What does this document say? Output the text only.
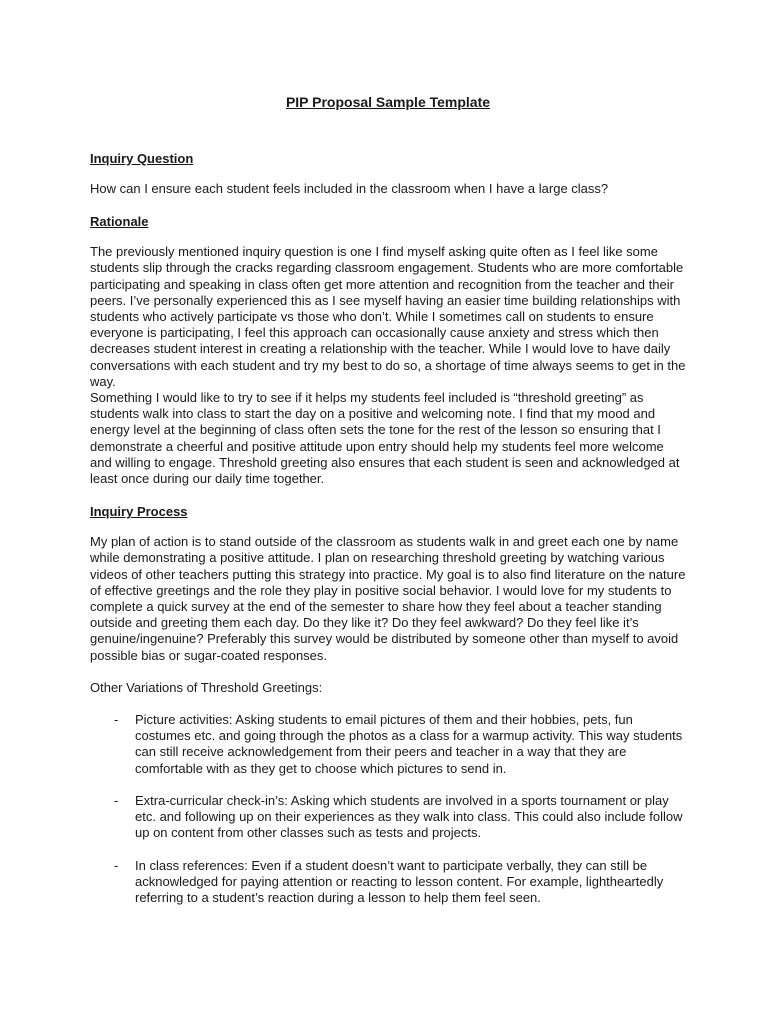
PIP Proposal Sample Template
Inquiry Question

How can I ensure each student feels included in the classroom when I have a large class?

Rationale

The previously mentioned inquiry question is one I find myself asking quite often as I feel like some students slip through the cracks regarding classroom engagement. Students who are more comfortable participating and speaking in class often get more attention and recognition from the teacher and their peers. I’ve personally experienced this as I see myself having an easier time building relationships with students who actively participate vs those who don’t. While I sometimes call on students to ensure everyone is participating, I feel this approach can occasionally cause anxiety and stress which then decreases student interest in creating a relationship with the teacher. While I would love to have daily conversations with each student and try my best to do so, a shortage of time always seems to get in the way.

Something I would like to try to see if it helps my students feel included is “threshold greeting” as students walk into class to start the day on a positive and welcoming note. I find that my mood and energy level at the beginning of class often sets the tone for the rest of the lesson so ensuring that I demonstrate a cheerful and positive attitude upon entry should help my students feel more welcome and willing to engage. Threshold greeting also ensures that each student is seen and acknowledged at least once during our daily time together.

Inquiry Process

My plan of action is to stand outside of the classroom as students walk in and greet each one by name while demonstrating a positive attitude. I plan on researching threshold greeting by watching various videos of other teachers putting this strategy into practice. My goal is to also find literature on the nature of effective greetings and the role they play in positive social behavior. I would love for my students to complete a quick survey at the end of the semester to share how they feel about a teacher standing outside and greeting them each day. Do they like it? Do they feel awkward? Do they feel like it’s genuine/ingenuine? Preferably this survey would be distributed by someone other than myself to avoid possible bias or sugar-coated responses.

Other Variations of Threshold Greetings:

- Picture activities: Asking students to email pictures of them and their hobbies, pets, fun costumes etc. and going through the photos as a class for a warmup activity. This way students can still receive acknowledgement from their peers and teacher in a way that they are comfortable with as they get to choose which pictures to send in.
- Extra-curricular check-in’s: Asking which students are involved in a sports tournament or play etc. and following up on their experiences as they walk into class. This could also include follow up on content from other classes such as tests and projects.
- In class references: Even if a student doesn’t want to participate verbally, they can still be acknowledged for paying attention or reacting to lesson content. For example, lightheartedly referring to a student’s reaction during a lesson to help them feel seen.
